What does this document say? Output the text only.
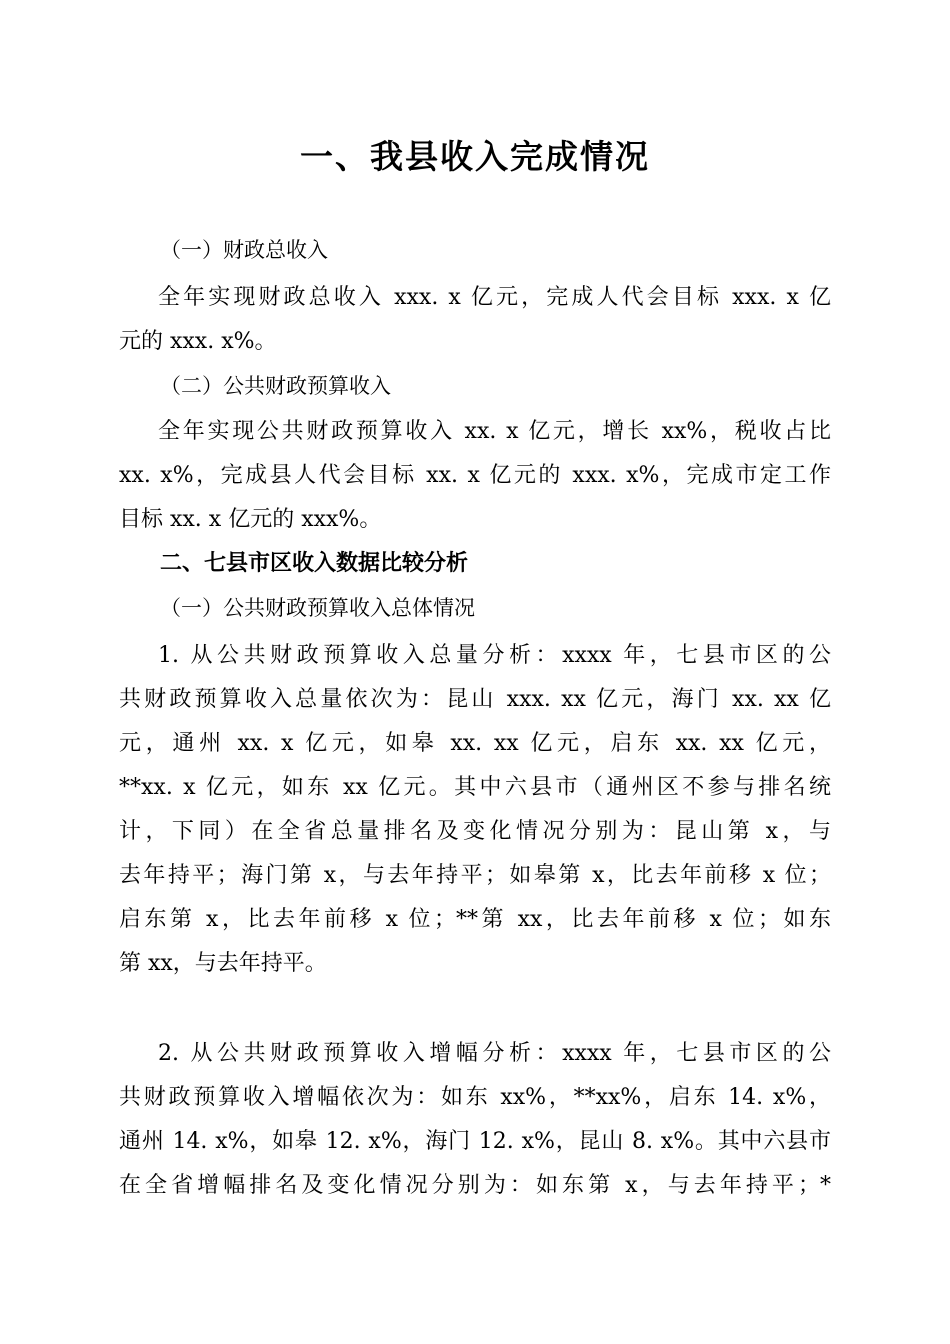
一、我县收入完成情况

（一）财政总收入

全年实现财政总收入 xxx. x 亿元，完成人代会目标 xxx. x 亿
元的 xxx. x%。

（二）公共财政预算收入

全年实现公共财政预算收入 xx. x 亿元，增长 xx%，税收占比
xx. x%，完成县人代会目标 xx. x 亿元的 xxx. x%，完成市定工作
目标 xx. x 亿元的 xxx%。

二、七县市区收入数据比较分析

（一）公共财政预算收入总体情况

1. 从公共财政预算收入总量分析：xxxx 年，七县市区的公
共财政预算收入总量依次为：昆山 xxx. xx 亿元，海门 xx. xx 亿
元，通州 xx. x 亿元，如皋 xx. xx 亿元，启东 xx. xx 亿元，
**xx. x 亿元，如东 xx 亿元。其中六县市（通州区不参与排名统
计，下同）在全省总量排名及变化情况分别为：昆山第 x，与
去年持平；海门第 x，与去年持平；如皋第 x，比去年前移 x 位；
启东第 x，比去年前移 x 位；**第 xx，比去年前移 x 位；如东
第 xx，与去年持平。

2. 从公共财政预算收入增幅分析：xxxx 年，七县市区的公
共财政预算收入增幅依次为：如东 xx%，**xx%，启东 14. x%，
通州 14. x%，如皋 12. x%，海门 12. x%，昆山 8. x%。其中六县市
在全省增幅排名及变化情况分别为：如东第 x，与去年持平；*
